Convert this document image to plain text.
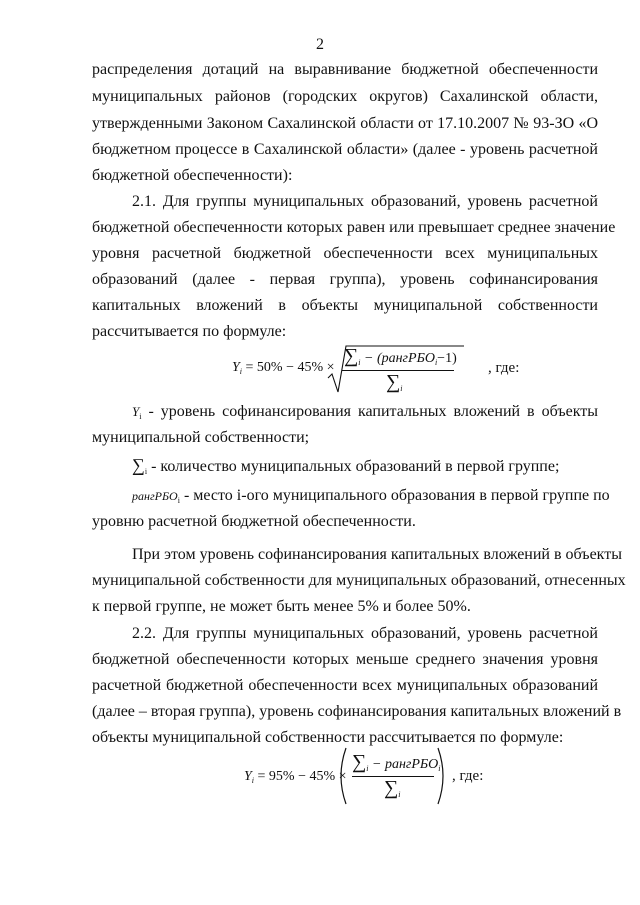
2
распределения дотаций на выравнивание бюджетной обеспеченности
муниципальных районов (городских округов) Сахалинской области,
утвержденными Законом Сахалинской области от 17.10.2007 № 93-ЗО «О
бюджетном процессе в Сахалинской области» (далее - уровень расчетной
бюджетной обеспеченности):
2.1. Для группы муниципальных образований, уровень расчетной
бюджетной обеспеченности которых равен или превышает среднее значение
уровня расчетной бюджетной обеспеченности всех муниципальных
образований (далее - первая группа), уровень софинансирования
капитальных вложений в объекты муниципальной собственности
рассчитывается по формуле:
$Y_i = 50\% - 45\%$ ×
$\sum_i$ − (рангРБО$_i$−1)
$\sum_i$
, где:
$Y_i$ - уровень софинансирования капитальных вложений в объекты
муниципальной собственности;
$\sum_i$ - количество муниципальных образований в первой группе;
рангРБО$_i$ - место i-ого муниципального образования в первой группе по
уровню расчетной бюджетной обеспеченности.
При этом уровень софинансирования капитальных вложений в объекты
муниципальной собственности для муниципальных образований, отнесенных
к первой группе, не может быть менее 5% и более 50%.
2.2. Для группы муниципальных образований, уровень расчетной
бюджетной обеспеченности которых меньше среднего значения уровня
расчетной бюджетной обеспеченности всех муниципальных образований
(далее – вторая группа), уровень софинансирования капитальных вложений в
объекты муниципальной собственности рассчитывается по формуле:
$Y_i = 95\% - 45\%$ ×
$\sum_i$ − рангРБО$_i$
$\sum_i$
, где:
